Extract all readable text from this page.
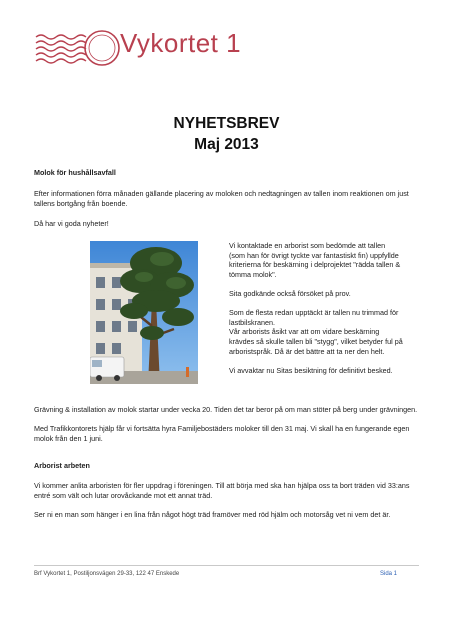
Vykortet 1
NYHETSBREV
Maj 2013

Molok för hushållsavfall

Efter informationen förra månaden gällande placering av moloken och nedtagningen av tallen inom reaktionen om just tallens bortgång från boende.

Då har vi goda nyheter!

Vi kontaktade en arborist som bedömde att tallen (som han för övrigt tyckte var fantastiskt fin) uppfyllde kriterierna för beskärning i delprojektet "rädda tallen & tömma molok".
Sita godkände också försöket på prov.
Som de flesta redan upptäckt är tallen nu trimmad för lastbilskranen.
Vår arborists åsikt var att om vidare beskärning krävdes så skulle tallen bli "stygg", vilket betyder ful på arboristspråk. Då är det bättre att ta ner den helt.
Vi avvaktar nu Sitas besiktning för definitivt besked.

Grävning & installation av molok startar under vecka 20. Tiden det tar beror på om man stöter på berg under grävningen.

Med Trafikkontorets hjälp får vi fortsätta hyra Familjebostäders moloker till den 31 maj. Vi skall ha en fungerande egen molok från den 1 juni.

Arborist arbeten

Vi kommer anlita arboristen för fler uppdrag i föreningen. Till att börja med ska han hjälpa oss ta bort träden vid 33:ans entré som vält och lutar orovåckande mot ett annat träd.

Ser ni en man som hänger i en lina från något högt träd framöver med röd hjälm och motorsåg vet ni vem det är.

Brf Vykortet 1, Postiljonsvägen 29-33, 122 47 Enskede	Sida 1
